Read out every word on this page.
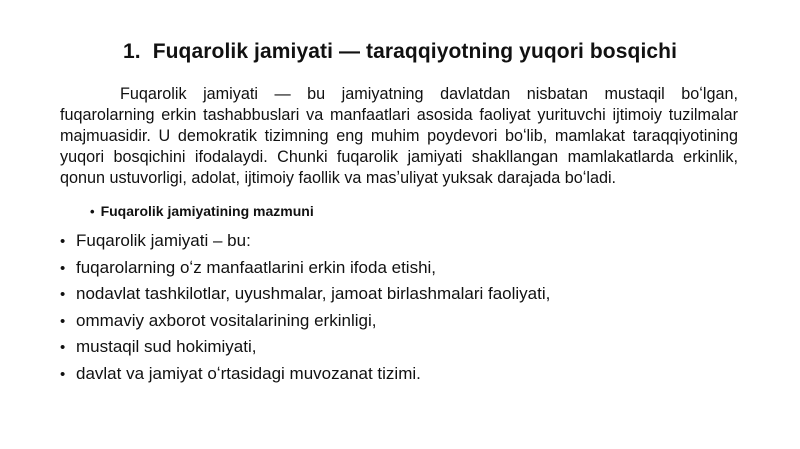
1. Fuqarolik jamiyati — taraqqiyotning yuqori bosqichi
Fuqarolik jamiyati — bu jamiyatning davlatdan nisbatan mustaqil boʻlgan, fuqarolarning erkin tashabbuslari va manfaatlari asosida faoliyat yurituvchi ijtimoiy tuzilmalar majmuasidir. U demokratik tizimning eng muhim poydevori boʻlib, mamlakat taraqqiyotining yuqori bosqichini ifodalaydi. Chunki fuqarolik jamiyati shakllangan mamlakatlarda erkinlik, qonun ustuvorligi, adolat, ijtimoiy faollik va masʼuliyat yuksak darajada boʻladi.
• Fuqarolik jamiyatining mazmuni
• Fuqarolik jamiyati – bu:
• fuqarolarning oʻz manfaatlarini erkin ifoda etishi,
• nodavlat tashkilotlar, uyushmalar, jamoat birlashmalari faoliyati,
• ommaviy axborot vositalarining erkinligi,
• mustaqil sud hokimiyati,
• davlat va jamiyat oʻrtasidagi muvozanat tizimi.
